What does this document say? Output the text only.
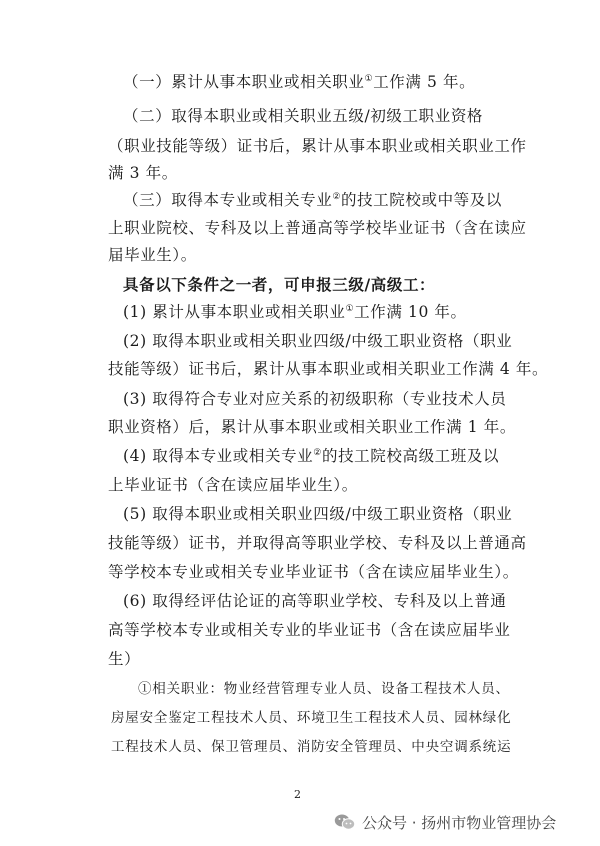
（一）累计从事本职业或相关职业①工作满 5 年。
（二）取得本职业或相关职业五级/初级工职业资格
（职业技能等级）证书后，累计从事本职业或相关职业工作
满 3 年。
（三）取得本专业或相关专业②的技工院校或中等及以
上职业院校、专科及以上普通高等学校毕业证书（含在读应
届毕业生）。
具备以下条件之一者，可申报三级/高级工：
(1) 累计从事本职业或相关职业①工作满 10 年。
(2) 取得本职业或相关职业四级/中级工职业资格（职业
技能等级）证书后，累计从事本职业或相关职业工作满 4 年。
(3) 取得符合专业对应关系的初级职称（专业技术人员
职业资格）后，累计从事本职业或相关职业工作满 1 年。
(4) 取得本专业或相关专业②的技工院校高级工班及以
上毕业证书（含在读应届毕业生）。
(5) 取得本职业或相关职业四级/中级工职业资格（职业
技能等级）证书，并取得高等职业学校、专科及以上普通高
等学校本专业或相关专业毕业证书（含在读应届毕业生）。
(6) 取得经评估论证的高等职业学校、专科及以上普通
高等学校本专业或相关专业的毕业证书（含在读应届毕业
生）
①相关职业：物业经营管理专业人员、设备工程技术人员、
房屋安全鉴定工程技术人员、环境卫生工程技术人员、园林绿化
工程技术人员、保卫管理员、消防安全管理员、中央空调系统运
2
公众号 · 扬州市物业管理协会
